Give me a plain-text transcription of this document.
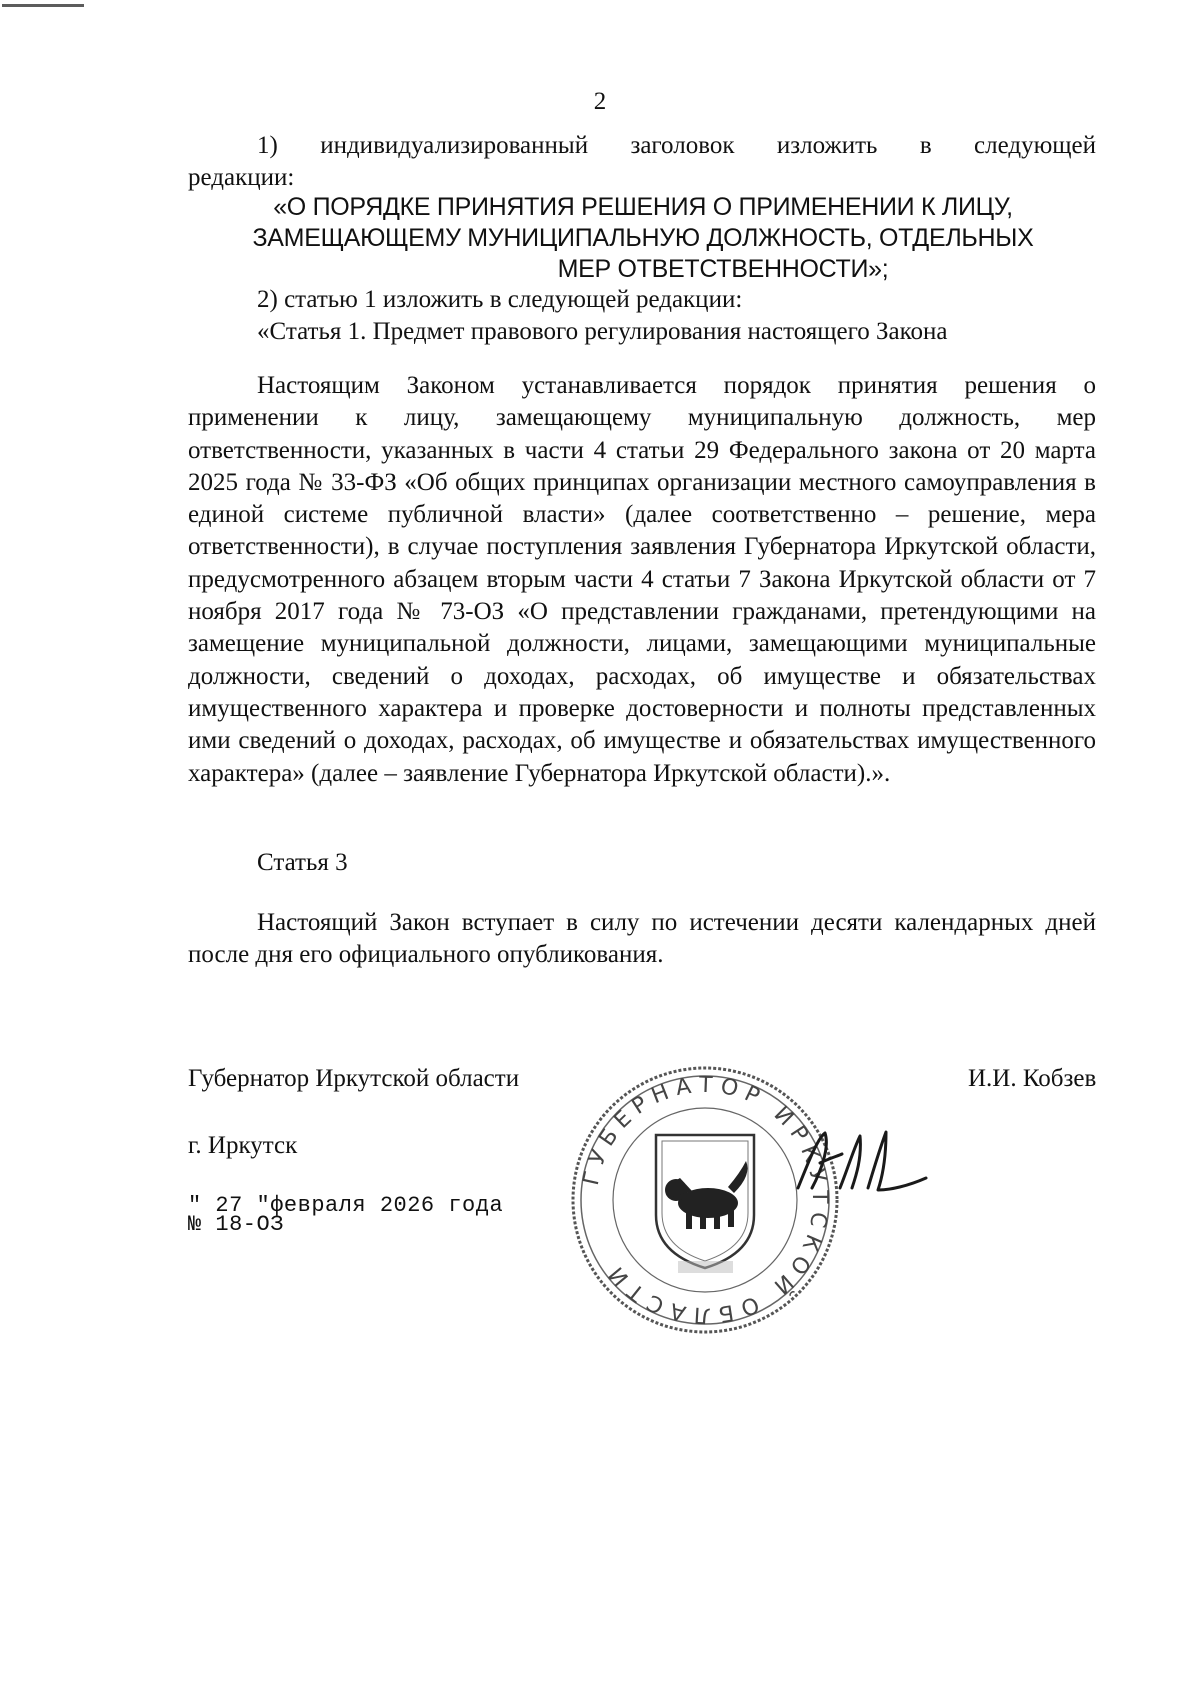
2

1) индивидуализированный заголовок изложить в следующей

редакции:

«О ПОРЯДКЕ ПРИНЯТИЯ РЕШЕНИЯ О ПРИМЕНЕНИИ К ЛИЦУ,
ЗАМЕЩАЮЩЕМУ МУНИЦИПАЛЬНУЮ ДОЛЖНОСТЬ, ОТДЕЛЬНЫХ
МЕР ОТВЕТСТВЕННОСТИ»;

2) статью 1 изложить в следующей редакции:

«Статья 1. Предмет правового регулирования настоящего Закона

Настоящим Законом устанавливается порядок принятия решения о применении к лицу, замещающему муниципальную должность, мер ответственности, указанных в части 4 статьи 29 Федерального закона от 20 марта 2025 года № 33-ФЗ «Об общих принципах организации местного самоуправления в единой системе публичной власти» (далее соответственно – решение, мера ответственности), в случае поступления заявления Губернатора Иркутской области, предусмотренного абзацем вторым части 4 статьи 7 Закона Иркутской области от 7 ноября 2017 года № 73-ОЗ «О представлении гражданами, претендующими на замещение муниципальной должности, лицами, замещающими муниципальные должности, сведений о доходах, расходах, об имуществе и обязательствах имущественного характера и проверке достоверности и полноты представленных ими сведений о доходах, расходах, об имуществе и обязательствах имущественного характера» (далее – заявление Губернатора Иркутской области).».

Статья 3

Настоящий Закон вступает в силу по истечении десяти календарных дней после дня его официального опубликования.

Губернатор Иркутской области	И.И. Кобзев
г. Иркутск
" 27 "февраля 2026 года
№ 18-ОЗ
ГУБЕРНАТОР ИРКУТСКОЙ ОБЛАСТИ
